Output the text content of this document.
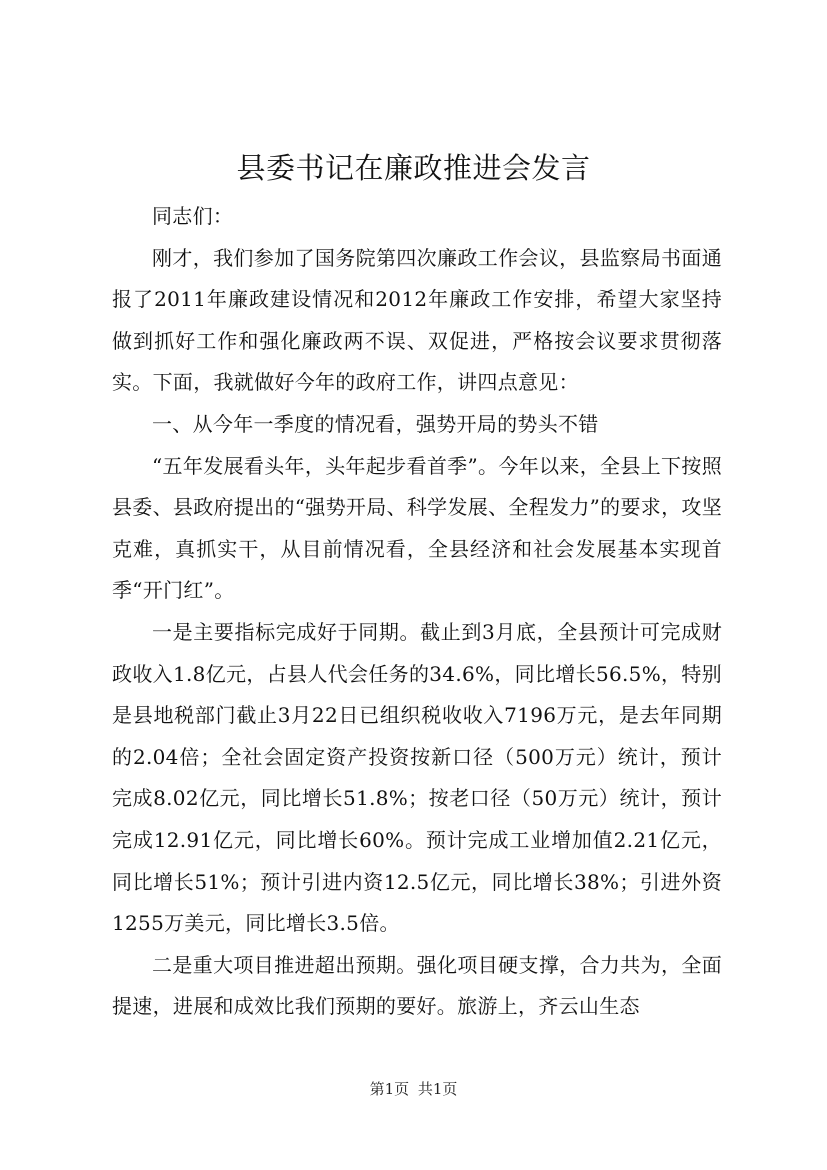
县委书记在廉政推进会发言

同志们：

刚才，我们参加了国务院第四次廉政工作会议，县监察局书面通报了2011年廉政建设情况和2012年廉政工作安排，希望大家坚持做到抓好工作和强化廉政两不误、双促进，严格按会议要求贯彻落实。下面，我就做好今年的政府工作，讲四点意见：

一、从今年一季度的情况看，强势开局的势头不错

“五年发展看头年，头年起步看首季”。今年以来，全县上下按照县委、县政府提出的“强势开局、科学发展、全程发力”的要求，攻坚克难，真抓实干，从目前情况看，全县经济和社会发展基本实现首季“开门红”。

一是主要指标完成好于同期。截止到3月底，全县预计可完成财政收入1.8亿元，占县人代会任务的34.6%，同比增长56.5%，特别是县地税部门截止3月22日已组织税收收入7196万元，是去年同期的2.04倍；全社会固定资产投资按新口径（500万元）统计，预计完成8.02亿元，同比增长51.8%；按老口径（50万元）统计，预计完成12.91亿元，同比增长60%。预计完成工业增加值2.21亿元，同比增长51%；预计引进内资12.5亿元，同比增长38%；引进外资1255万美元，同比增长3.5倍。

二是重大项目推进超出预期。强化项目硬支撑，合力共为，全面提速，进展和成效比我们预期的要好。旅游上，齐云山生态

第1页 共1页
